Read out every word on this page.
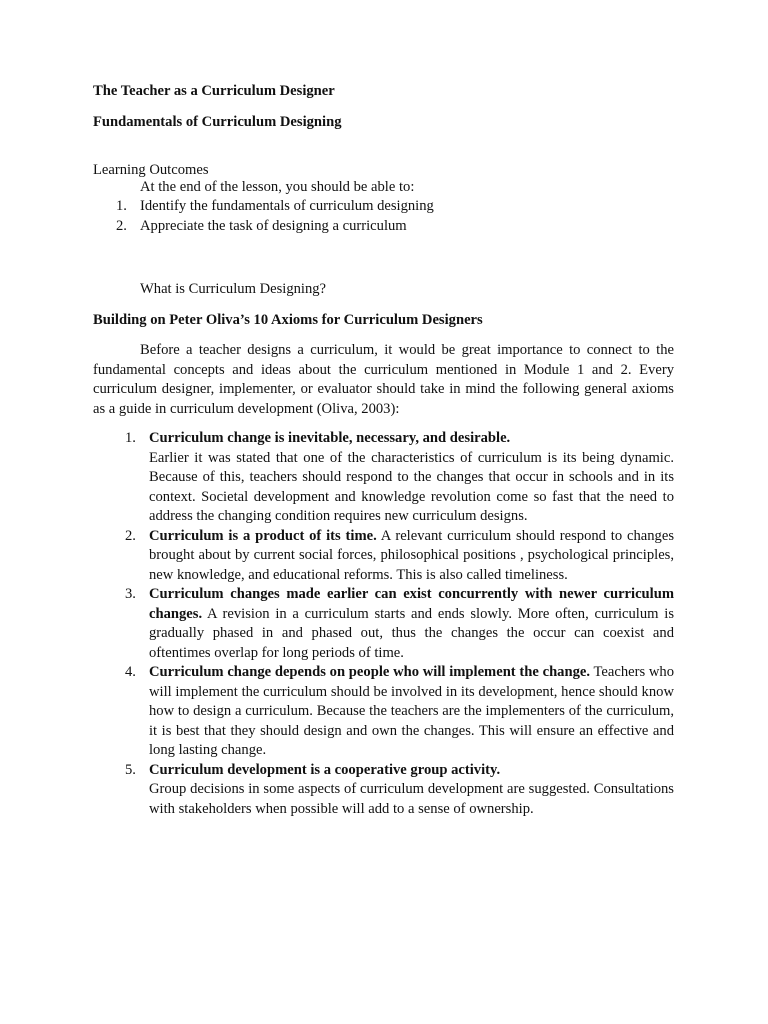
The Teacher as a Curriculum Designer

Fundamentals of Curriculum Designing

Learning Outcomes

At the end of the lesson, you should be able to:

1. Identify the fundamentals of curriculum designing
2. Appreciate the task of designing a curriculum

What is Curriculum Designing?

Building on Peter Oliva’s 10 Axioms for Curriculum Designers

Before a teacher designs a curriculum, it would be great importance to connect to the fundamental concepts and ideas about the curriculum mentioned in Module 1 and 2. Every curriculum designer, implementer, or evaluator should take in mind the following general axioms as a guide in curriculum development (Oliva, 2003):

1. Curriculum change is inevitable, necessary, and desirable.
Earlier it was stated that one of the characteristics of curriculum is its being dynamic. Because of this, teachers should respond to the changes that occur in schools and in its context. Societal development and knowledge revolution come so fast that the need to address the changing condition requires new curriculum designs.
2. Curriculum is a product of its time. A relevant curriculum should respond to changes brought about by current social forces, philosophical positions , psychological principles, new knowledge, and educational reforms. This is also called timeliness.
3. Curriculum changes made earlier can exist concurrently with newer curriculum changes. A revision in a curriculum starts and ends slowly. More often, curriculum is gradually phased in and phased out, thus the changes the occur can coexist and oftentimes overlap for long periods of time.
4. Curriculum change depends on people who will implement the change. Teachers who will implement the curriculum should be involved in its development, hence should know how to design a curriculum. Because the teachers are the implementers of the curriculum, it is best that they should design and own the changes. This will ensure an effective and long lasting change.
5. Curriculum development is a cooperative group activity.
Group decisions in some aspects of curriculum development are suggested. Consultations with stakeholders when possible will add to a sense of ownership.
